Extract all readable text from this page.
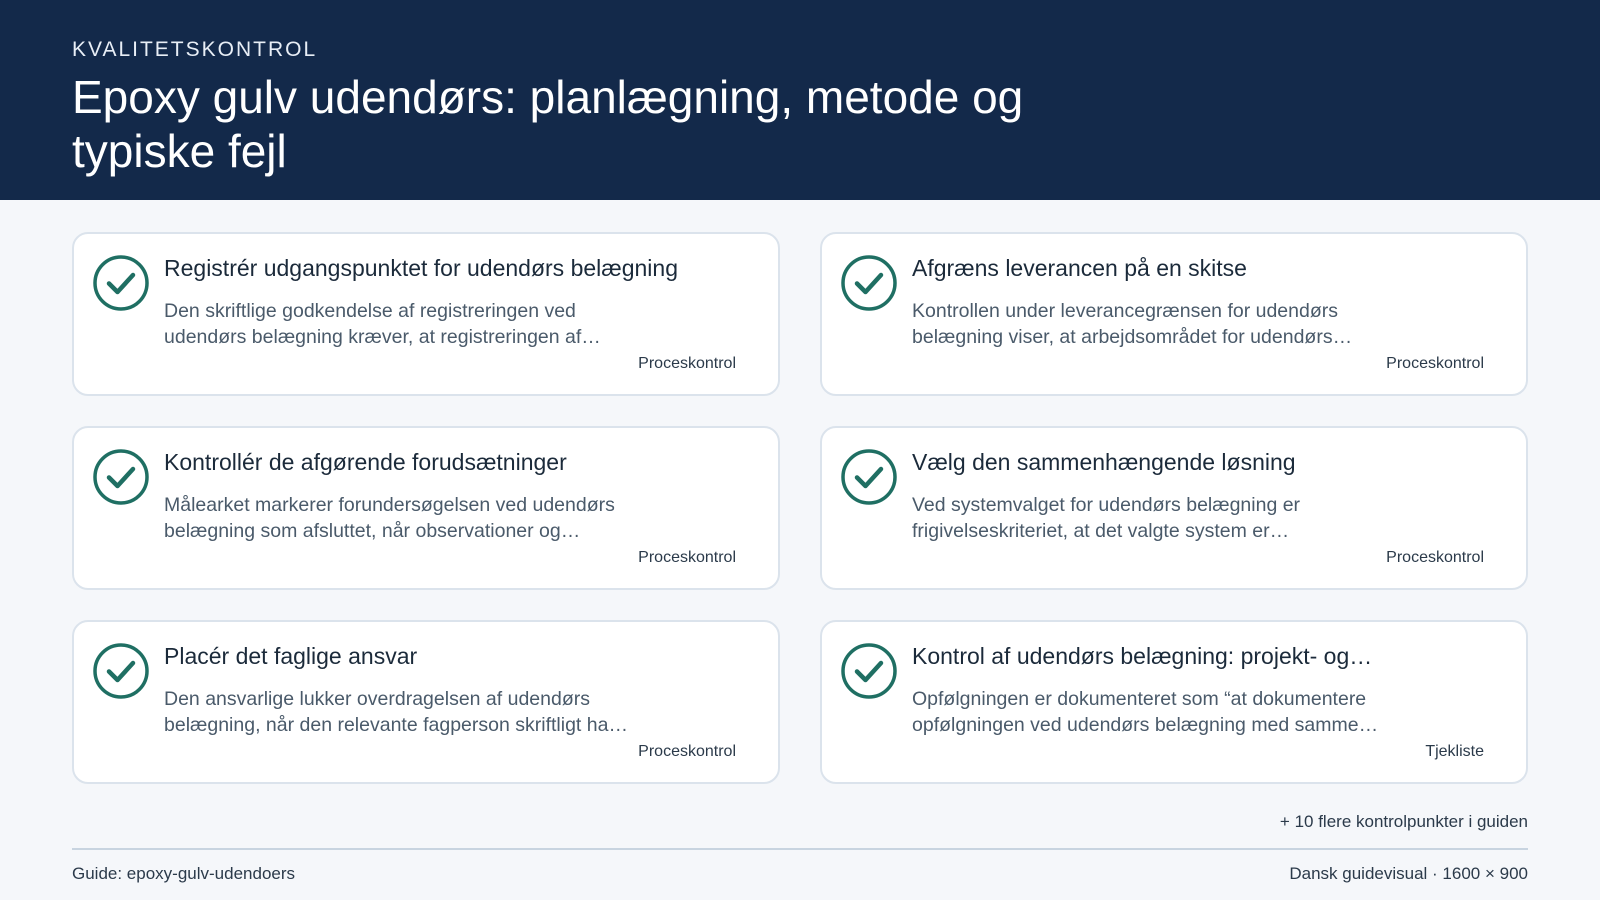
KVALITETSKONTROL

Epoxy gulv udendørs: planlægning, metode og typiske fejl
Registrér udgangspunktet for udendørs belægning
Den skriftlige godkendelse af registreringen ved udendørs belægning kræver, at registreringen af…
Proceskontrol
Afgræns leverancen på en skitse
Kontrollen under leverancegrænsen for udendørs belægning viser, at arbejdsområdet for udendørs…
Proceskontrol
Kontrollér de afgørende forudsætninger
Målearket markerer forundersøgelsen ved udendørs belægning som afsluttet, når observationer og…
Proceskontrol
Vælg den sammenhængende løsning
Ved systemvalget for udendørs belægning er frigivelseskriteriet, at det valgte system er…
Proceskontrol
Placér det faglige ansvar
Den ansvarlige lukker overdragelsen af udendørs belægning, når den relevante fagperson skriftligt ha…
Proceskontrol
Kontrol af udendørs belægning: projekt- og…
Opfølgningen er dokumenteret som “at dokumentere opfølgningen ved udendørs belægning med samme…
Tjekliste
+ 10 flere kontrolpunkter i guiden
Guide: epoxy-gulv-udendoers	Dansk guidevisual · 1600 × 900
